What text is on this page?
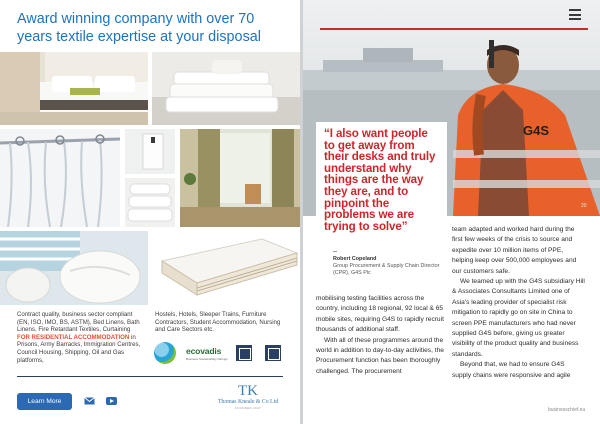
Award winning company with over 70 years textile expertise at your disposal

Contract quality, business sector compliant (EN, ISO, IMO, BS, ASTM), Bed Linens, Bath Linens, Fire Retardant Textiles, Curtaining FOR RESIDENTIAL ACCOMMODATION in Prisons, Army Barracks, Immigration Centres, Council Housing, Shipping, Oil and Gas platforms,

Hostels, Hotels, Sleeper Trains, Furniture Contractors, Student Accommodation, Nursing and Care Sectors etc.

ecovadis
Business Sustainability Ratings
Learn More
TK
Thomas Kneale & Co Ltd
FOUNDED 1947
G4S
20

“I also want people to get away from their desks and truly understand why things are the way they are, and to pinpoint the problems we are trying to solve”

Robert Copeland
Group Procurement & Supply Chain Director (CPR), G4S Plc

mobilising testing facilities across the country, including 18 regional, 92 local & 65 mobile sites, requiring G4S to rapidly recruit thousands of additional staff.

With all of these programmes around the world in addition to day-to-day activities, the Procurement function has been thoroughly challenged. The procurement

team adapted and worked hard during the first few weeks of the crisis to source and expedite over 10 million items of PPE, helping keep over 500,000 employees and our customers safe.

We teamed up with the G4S subsidiary Hill & Associates Consultants Limited one of Asia's leading provider of specialist risk mitigation to rapidly go on site in China to screen PPE manufacturers who had never supplied G4S before, giving us greater visibility of the product quality and business standards.

Beyond that, we had to ensure G4S supply chains were responsive and agile

businesschief.eu
